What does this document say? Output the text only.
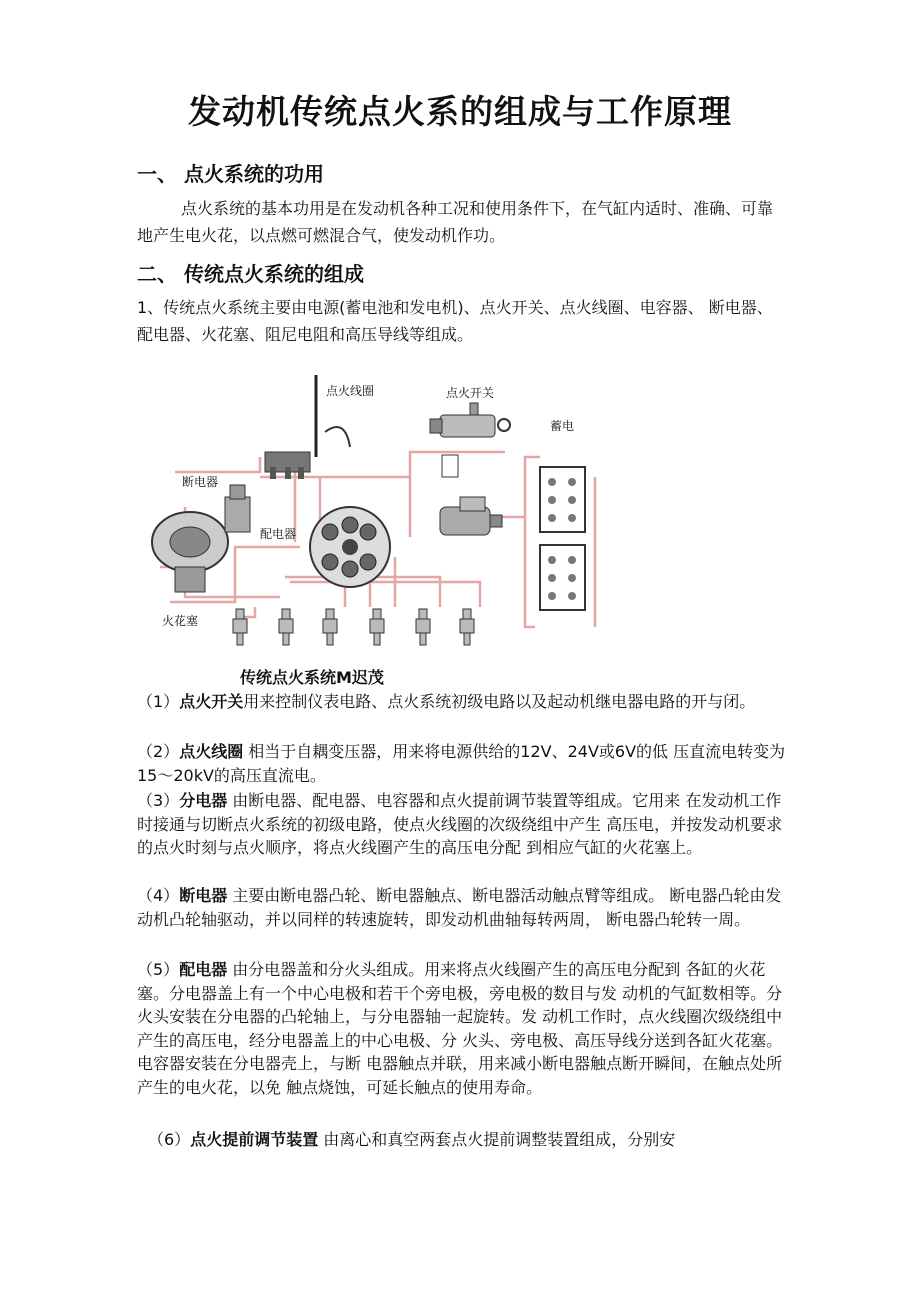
发动机传统点火系的组成与工作原理
一、 点火系统的功用

点火系统的基本功用是在发动机各种工况和使用条件下，在气缸内适时、准确、可靠地产生电火花，以点燃可燃混合气，使发动机作功。

二、 传统点火系统的组成

1、传统点火系统主要由电源(蓄电池和发电机)、点火开关、点火线圈、电容器、 断电器、配电器、火花塞、阻尼电阻和高压导线等组成。

点火线圈	点火开关
蓄电
断电器
配电器
火花塞
传统点火系统M迟茂

（1）点火开关用来控制仪表电路、点火系统初级电路以及起动机继电器电路的开与闭。

（2）点火线圈 相当于自耦变压器，用来将电源供给的12V、24V或6V的低 压直流电转变为15～20kV的高压直流电。

（3）分电器 由断电器、配电器、电容器和点火提前调节装置等组成。它用来 在发动机工作时接通与切断点火系统的初级电路，使点火线圈的次级绕组中产生 高压电，并按发动机要求的点火时刻与点火顺序，将点火线圈产生的高压电分配 到相应气缸的火花塞上。

（4）断电器 主要由断电器凸轮、断电器触点、断电器活动触点臂等组成。 断电器凸轮由发动机凸轮轴驱动，并以同样的转速旋转，即发动机曲轴每转两周， 断电器凸轮转一周。

（5）配电器 由分电器盖和分火头组成。用来将点火线圈产生的高压电分配到 各缸的火花塞。分电器盖上有一个中心电极和若干个旁电极，旁电极的数目与发 动机的气缸数相等。分火头安装在分电器的凸轮轴上，与分电器轴一起旋转。发 动机工作时，点火线圈次级绕组中产生的高压电，经分电器盖上的中心电极、分 火头、旁电极、高压导线分送到各缸火花塞。电容器安装在分电器壳上，与断 电器触点并联，用来减小断电器触点断开瞬间，在触点处所产生的电火花，以免 触点烧蚀，可延长触点的使用寿命。

（6）点火提前调节装置 由离心和真空两套点火提前调整装置组成，分别安
